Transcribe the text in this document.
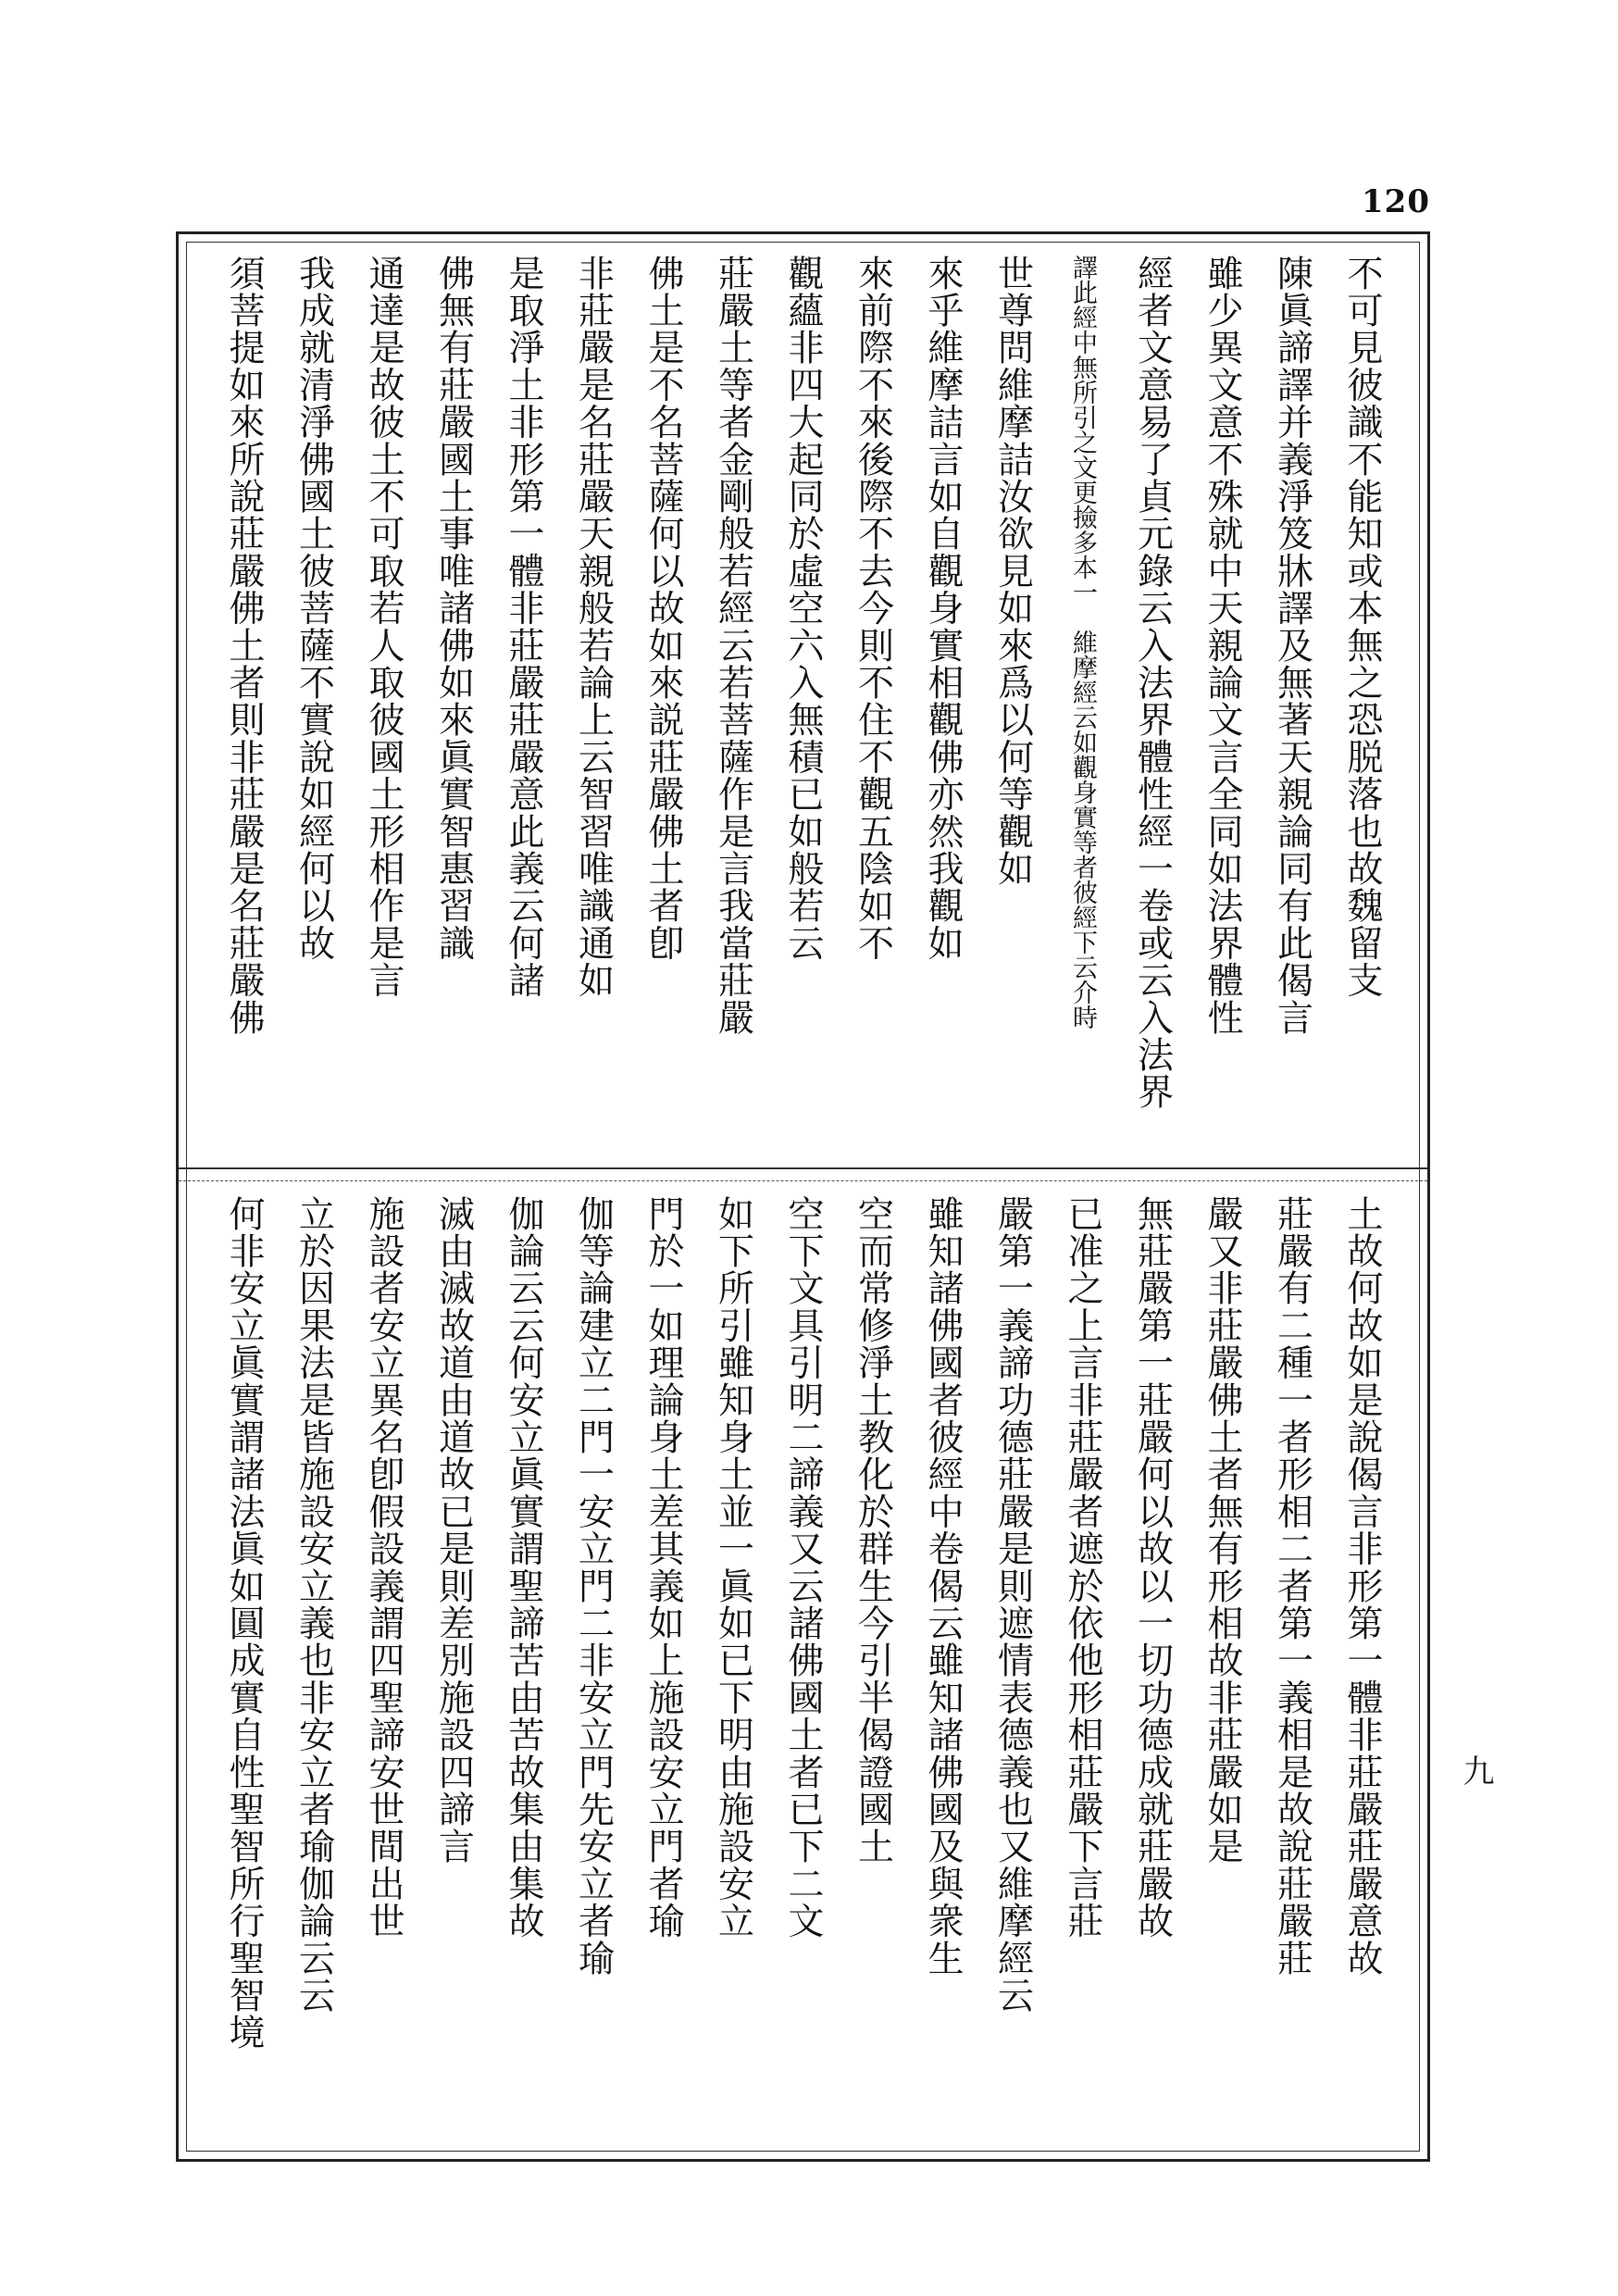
120
不可見彼識不能知或本無之恐脱落也故魏留支
陳眞諦譯并義淨笈牀譯及無著天親論同有此偈言
雖少異文意不殊就中天親論文言全同如法界體性
經者文意易了貞元錄云入法界體性經一卷或云入法界
譯此經中無所引之文更撿多本一　維摩經云如觀身實等者彼經下云介時
世尊問維摩詰汝欲見如來爲以何等觀如
來乎維摩詰言如自觀身實相觀佛亦然我觀如
來前際不來後際不去今則不住不觀五陰如不
觀蘊非四大起同於虛空六入無積已如般若云
莊嚴土等者金剛般若經云若菩薩作是言我當莊嚴
佛土是不名菩薩何以故如來説莊嚴佛土者卽
非莊嚴是名莊嚴天親般若論上云智習唯識通如
是取淨土非形第一體非莊嚴莊嚴意此義云何諸
佛無有莊嚴國土事唯諸佛如來眞實智惠習識
通達是故彼土不可取若人取彼國土形相作是言
我成就清淨佛國土彼菩薩不實說如經何以故
須菩提如來所說莊嚴佛土者則非莊嚴是名莊嚴佛
土故何故如是說偈言非形第一體非莊嚴莊嚴意故
莊嚴有二種一者形相二者第一義相是故說莊嚴莊
嚴又非莊嚴佛土者無有形相故非莊嚴如是
無莊嚴第一莊嚴何以故以一切功德成就莊嚴故
已准之上言非莊嚴者遮於依他形相莊嚴下言莊
嚴第一義諦功德莊嚴是則遮情表德義也又維摩經云
雖知諸佛國者彼經中卷偈云雖知諸佛國及與衆生
空而常修淨土教化於群生今引半偈證國土
空下文具引明二諦義又云諸佛國土者已下二文
如下所引雖知身土並一眞如已下明由施設安立
門於一如理論身土差其義如上施設安立門者瑜
伽等論建立二門一安立門二非安立門先安立者瑜
伽論云云何安立眞實謂聖諦苦由苦故集由集故
滅由滅故道由道故已是則差別施設四諦言
施設者安立異名卽假設義謂四聖諦安世間出世
立於因果法是皆施設安立義也非安立者瑜伽論云云
何非安立眞實謂諸法眞如圓成實自性聖智所行聖智境	九
